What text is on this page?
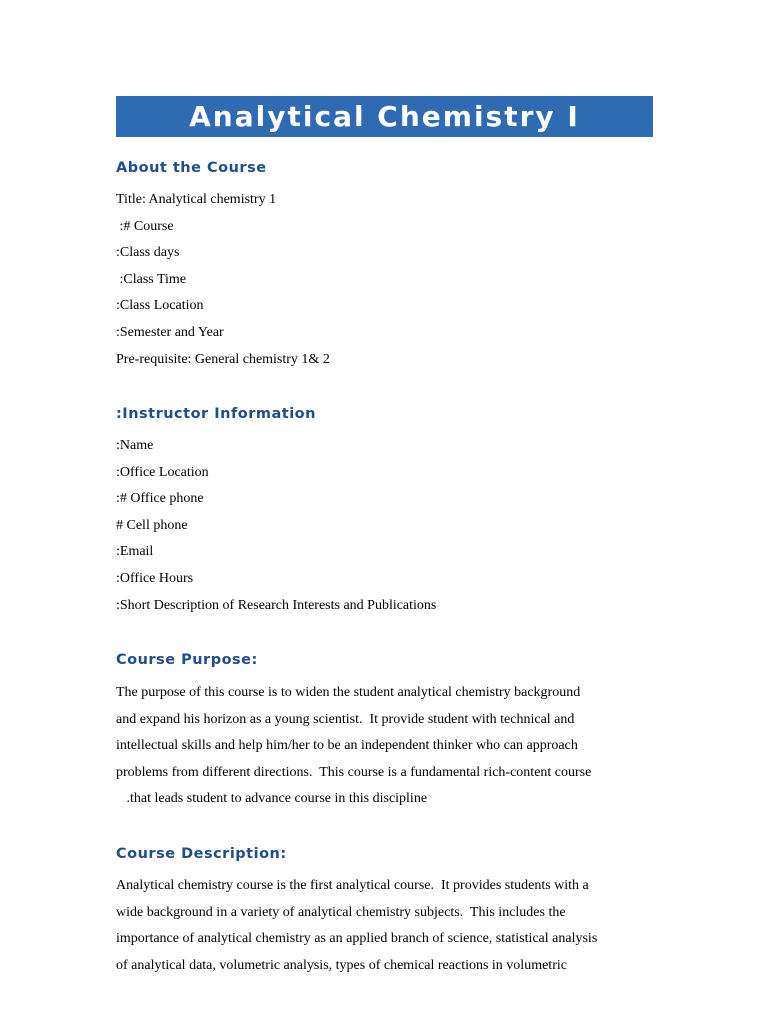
Analytical Chemistry I
About the Course
Title: Analytical chemistry 1
:# Course
:Class days
:Class Time
:Class Location
:Semester and Year
Pre-requisite: General chemistry 1& 2
:Instructor Information
:Name
:Office Location
:# Office phone
# Cell phone
:Email
:Office Hours
:Short Description of Research Interests and Publications
Course Purpose:
The purpose of this course is to widen the student analytical chemistry background
and expand his horizon as a young scientist.  It provide student with technical and
intellectual skills and help him/her to be an independent thinker who can approach
problems from different directions.  This course is a fundamental rich-content course
.that leads student to advance course in this discipline
Course Description:
Analytical chemistry course is the first analytical course.  It provides students with a
wide background in a variety of analytical chemistry subjects.  This includes the
importance of analytical chemistry as an applied branch of science, statistical analysis
of analytical data, volumetric analysis, types of chemical reactions in volumetric
